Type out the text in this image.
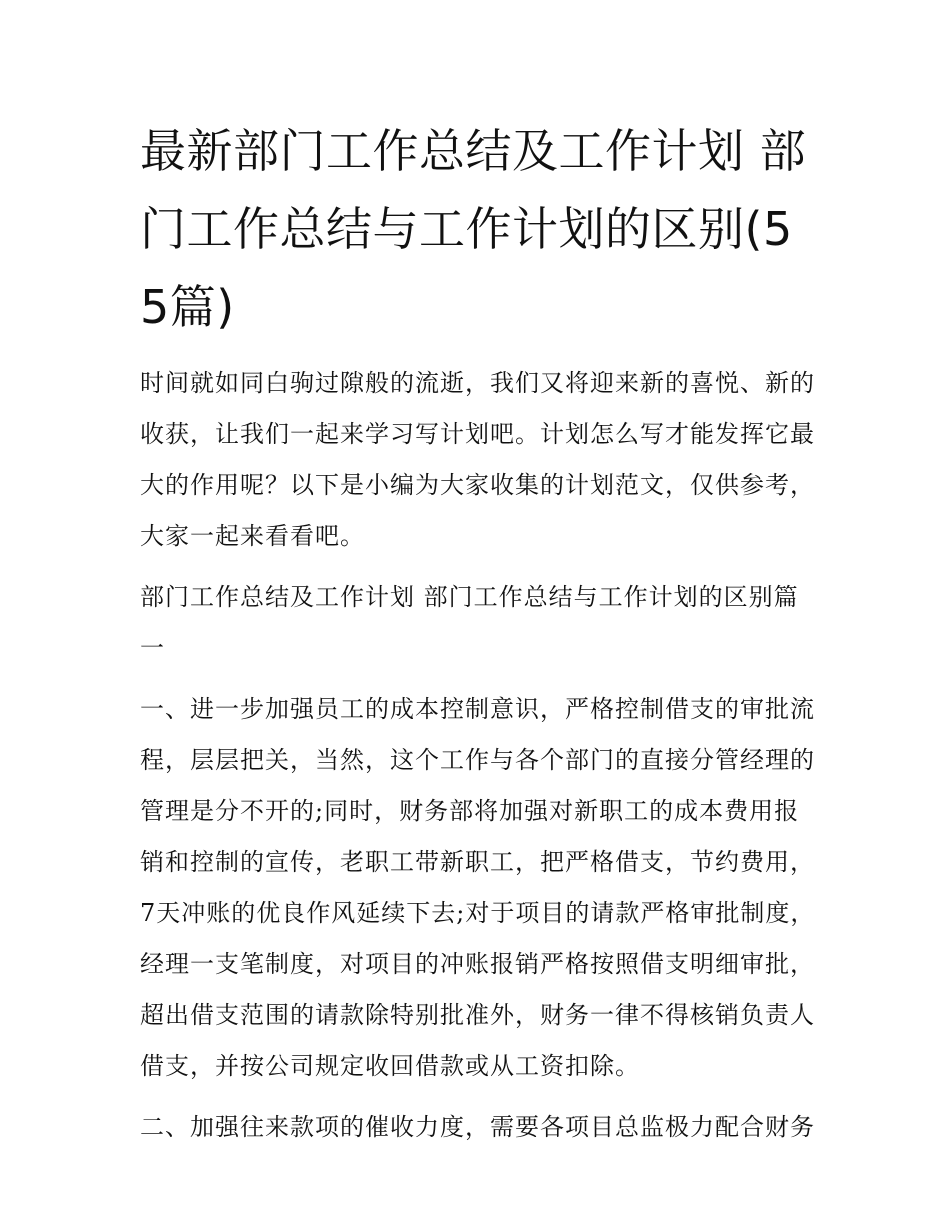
最新部门工作总结及工作计划 部门工作总结与工作计划的区别(55篇)

时间就如同白驹过隙般的流逝，我们又将迎来新的喜悦、新的收获，让我们一起来学习写计划吧。计划怎么写才能发挥它最大的作用呢？以下是小编为大家收集的计划范文，仅供参考，大家一起来看看吧。

部门工作总结及工作计划 部门工作总结与工作计划的区别篇一

一、进一步加强员工的成本控制意识，严格控制借支的审批流程，层层把关，当然，这个工作与各个部门的直接分管经理的管理是分不开的;同时，财务部将加强对新职工的成本费用报销和控制的宣传，老职工带新职工，把严格借支，节约费用，7天冲账的优良作风延续下去;对于项目的请款严格审批制度，经理一支笔制度，对项目的冲账报销严格按照借支明细审批，超出借支范围的请款除特别批准外，财务一律不得核销负责人借支，并按公司规定收回借款或从工资扣除。

二、加强往来款项的催收力度，需要各项目总监极力配合财务
